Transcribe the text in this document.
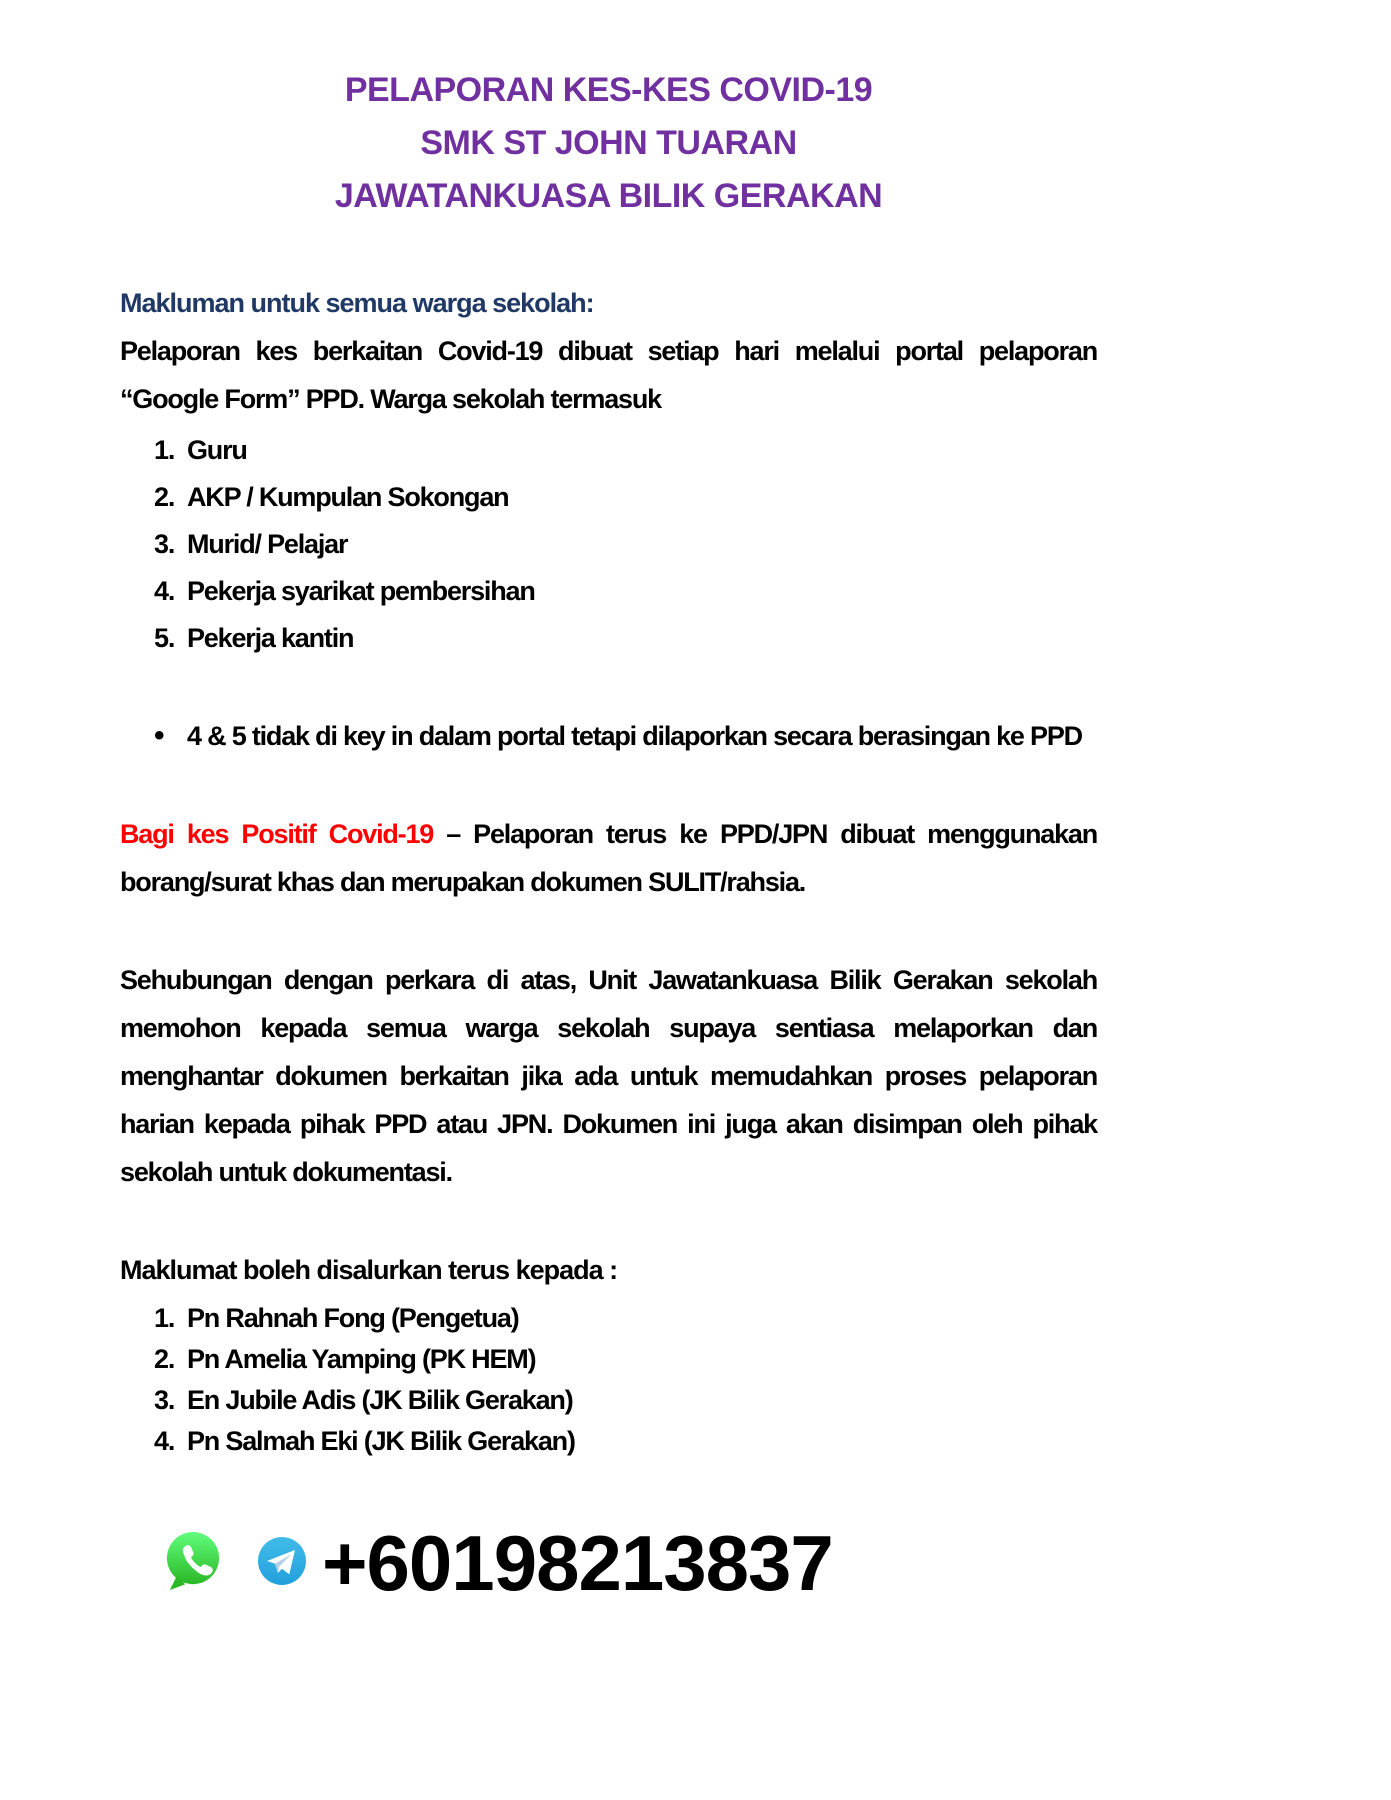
PELAPORAN KES-KES COVID-19
SMK ST JOHN TUARAN
JAWATANKUASA BILIK GERAKAN
Makluman untuk semua warga sekolah:

Pelaporan kes berkaitan Covid-19 dibuat setiap hari melalui portal pelaporan “Google Form” PPD. Warga sekolah termasuk

Guru
AKP / Kumpulan Sokongan
Murid/ Pelajar
Pekerja syarikat pembersihan
Pekerja kantin
• 4 & 5 tidak di key in dalam portal tetapi dilaporkan secara berasingan ke PPD

Bagi kes Positif Covid-19 – Pelaporan terus ke PPD/JPN dibuat menggunakan borang/surat khas dan merupakan dokumen SULIT/rahsia.

Sehubungan dengan perkara di atas, Unit Jawatankuasa Bilik Gerakan sekolah memohon kepada semua warga sekolah supaya sentiasa melaporkan dan menghantar dokumen berkaitan jika ada untuk memudahkan proses pelaporan harian kepada pihak PPD atau JPN. Dokumen ini juga akan disimpan oleh pihak sekolah untuk dokumentasi.

Maklumat boleh disalurkan terus kepada :
Pn Rahnah Fong (Pengetua)
Pn Amelia Yamping (PK HEM)
En Jubile Adis (JK Bilik Gerakan)
Pn Salmah Eki (JK Bilik Gerakan)
+60198213837
